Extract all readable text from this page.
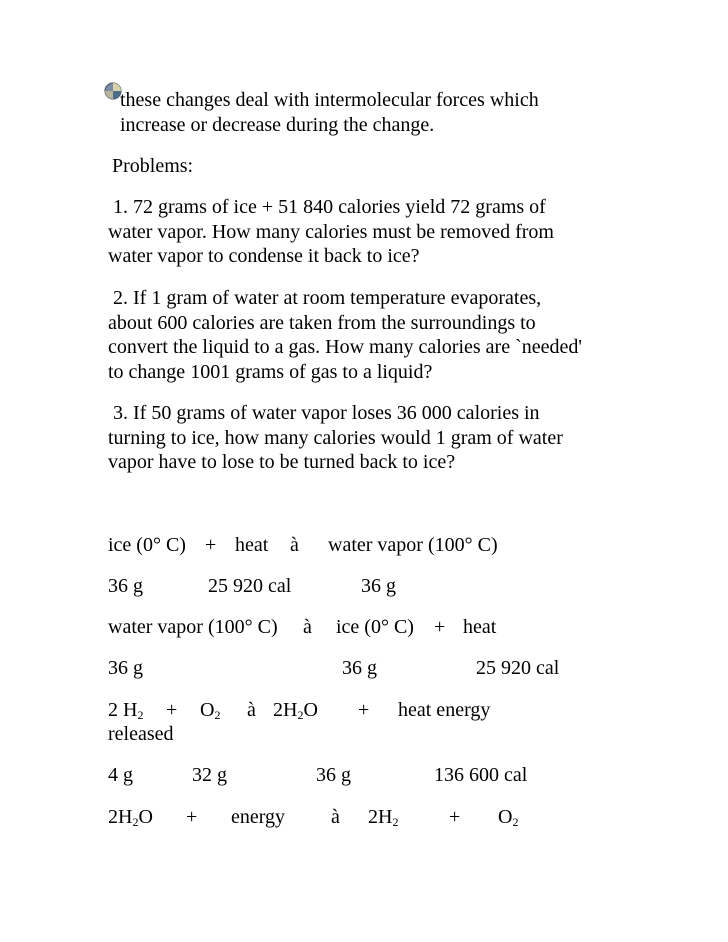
these changes deal with intermolecular forces which
increase or decrease during the change.
Problems:
1. 72 grams of ice + 51 840 calories yield 72 grams of
water vapor. How many calories must be removed from
water vapor to condense it back to ice?
2. If 1 gram of water at room temperature evaporates,
about 600 calories are taken from the surroundings to
convert the liquid to a gas. How many calories are `needed'
to change 1001 grams of gas to a liquid?
3. If 50 grams of water vapor loses 36 000 calories in
turning to ice, how many calories would 1 gram of water
vapor have to lose to be turned back to ice?
ice (0° C) + heat à water vapor (100° C)
36 g	25 920 cal	36 g
water vapor (100° C) à ice (0° C) + heat
36 g	36 g	25 920 cal
2 $H_2 + O_2$ à $2H_2O$ + heat energy
released
4 g	32 g	36 g	136 600 cal
$2H_2O$ + energy à $2H_2$	+ $O_2$
